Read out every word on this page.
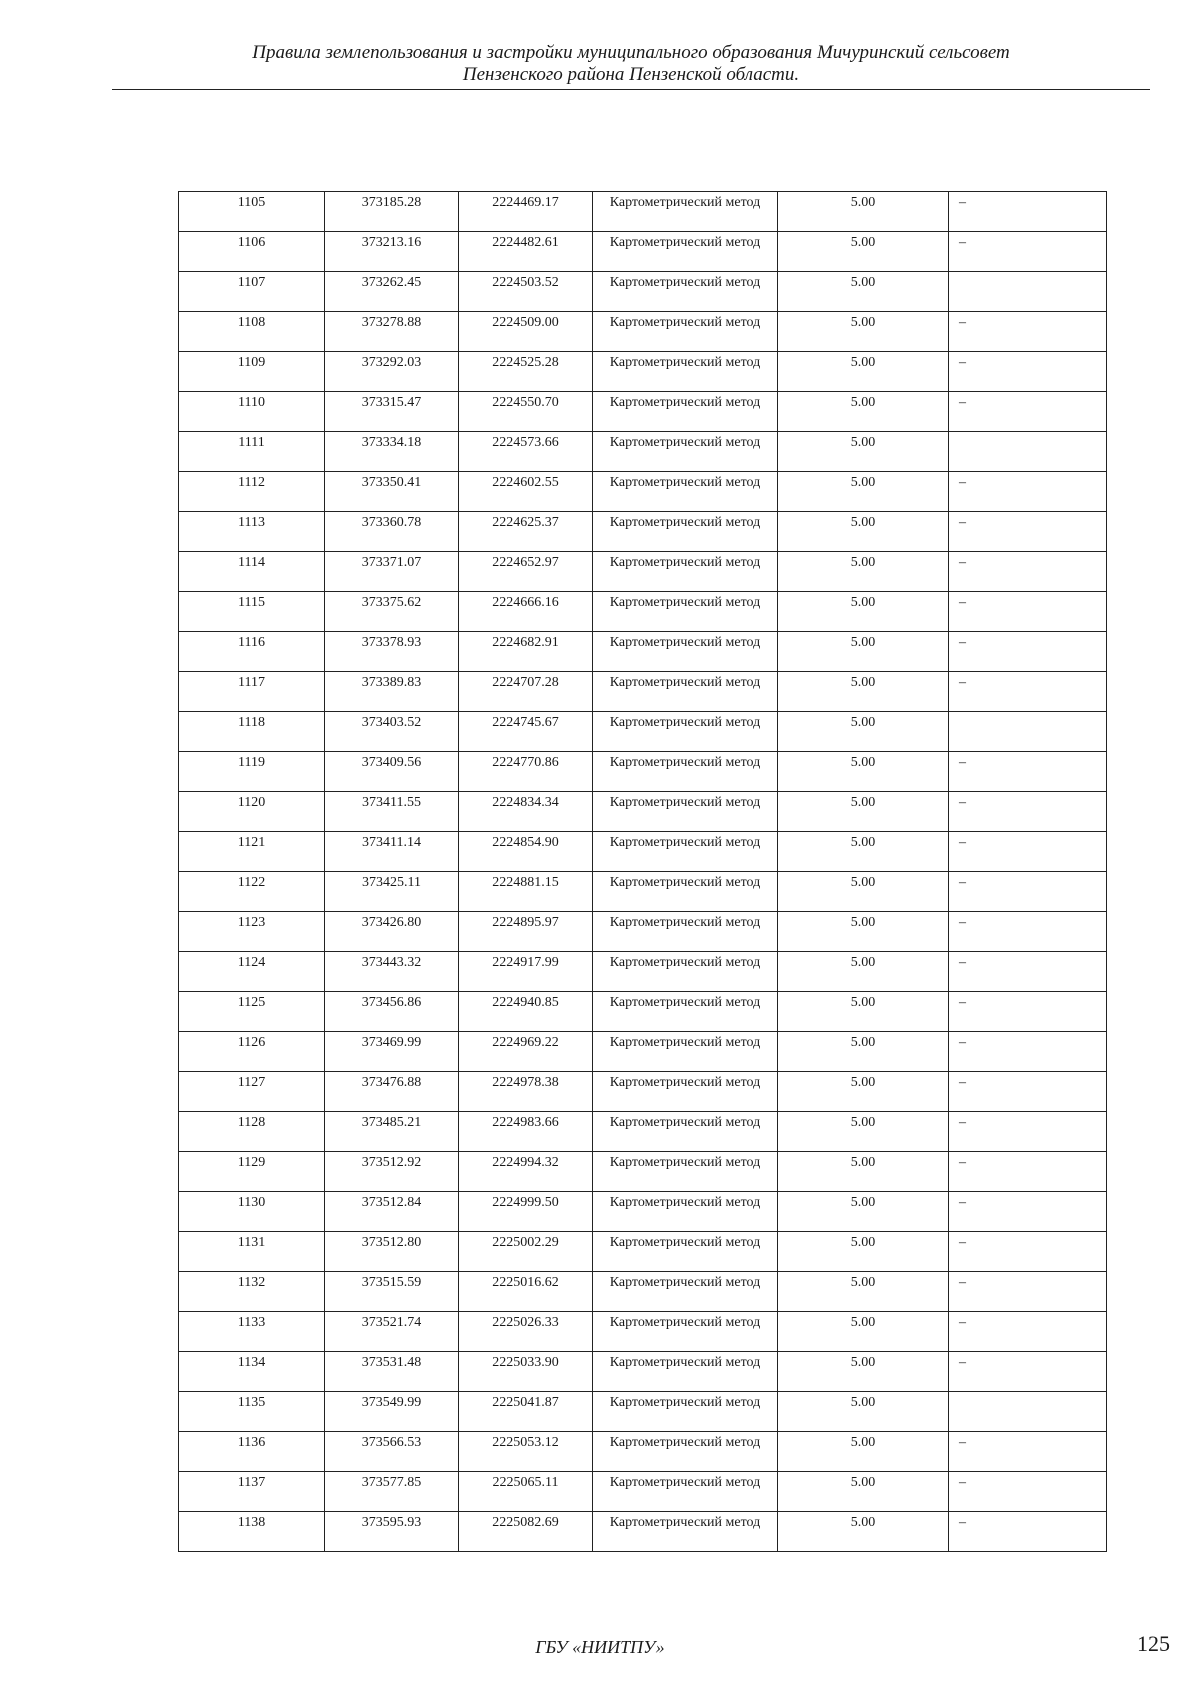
Правила землепользования и застройки муниципального образования Мичуринский сельсовет
Пензенского района Пензенской области.
1105	373185.28	2224469.17	Картометрический метод	5.00	–
1106	373213.16	2224482.61	Картометрический метод	5.00	–
1107	373262.45	2224503.52	Картометрический метод	5.00	
1108	373278.88	2224509.00	Картометрический метод	5.00	–
1109	373292.03	2224525.28	Картометрический метод	5.00	–
1110	373315.47	2224550.70	Картометрический метод	5.00	–
1111	373334.18	2224573.66	Картометрический метод	5.00	
1112	373350.41	2224602.55	Картометрический метод	5.00	–
1113	373360.78	2224625.37	Картометрический метод	5.00	–
1114	373371.07	2224652.97	Картометрический метод	5.00	–
1115	373375.62	2224666.16	Картометрический метод	5.00	–
1116	373378.93	2224682.91	Картометрический метод	5.00	–
1117	373389.83	2224707.28	Картометрический метод	5.00	–
1118	373403.52	2224745.67	Картометрический метод	5.00	
1119	373409.56	2224770.86	Картометрический метод	5.00	–
1120	373411.55	2224834.34	Картометрический метод	5.00	–
1121	373411.14	2224854.90	Картометрический метод	5.00	–
1122	373425.11	2224881.15	Картометрический метод	5.00	–
1123	373426.80	2224895.97	Картометрический метод	5.00	–
1124	373443.32	2224917.99	Картометрический метод	5.00	–
1125	373456.86	2224940.85	Картометрический метод	5.00	–
1126	373469.99	2224969.22	Картометрический метод	5.00	–
1127	373476.88	2224978.38	Картометрический метод	5.00	–
1128	373485.21	2224983.66	Картометрический метод	5.00	–
1129	373512.92	2224994.32	Картометрический метод	5.00	–
1130	373512.84	2224999.50	Картометрический метод	5.00	–
1131	373512.80	2225002.29	Картометрический метод	5.00	–
1132	373515.59	2225016.62	Картометрический метод	5.00	–
1133	373521.74	2225026.33	Картометрический метод	5.00	–
1134	373531.48	2225033.90	Картометрический метод	5.00	–
1135	373549.99	2225041.87	Картометрический метод	5.00	
1136	373566.53	2225053.12	Картометрический метод	5.00	–
1137	373577.85	2225065.11	Картометрический метод	5.00	–
1138	373595.93	2225082.69	Картометрический метод	5.00	–
ГБУ «НИИТПУ»	125
